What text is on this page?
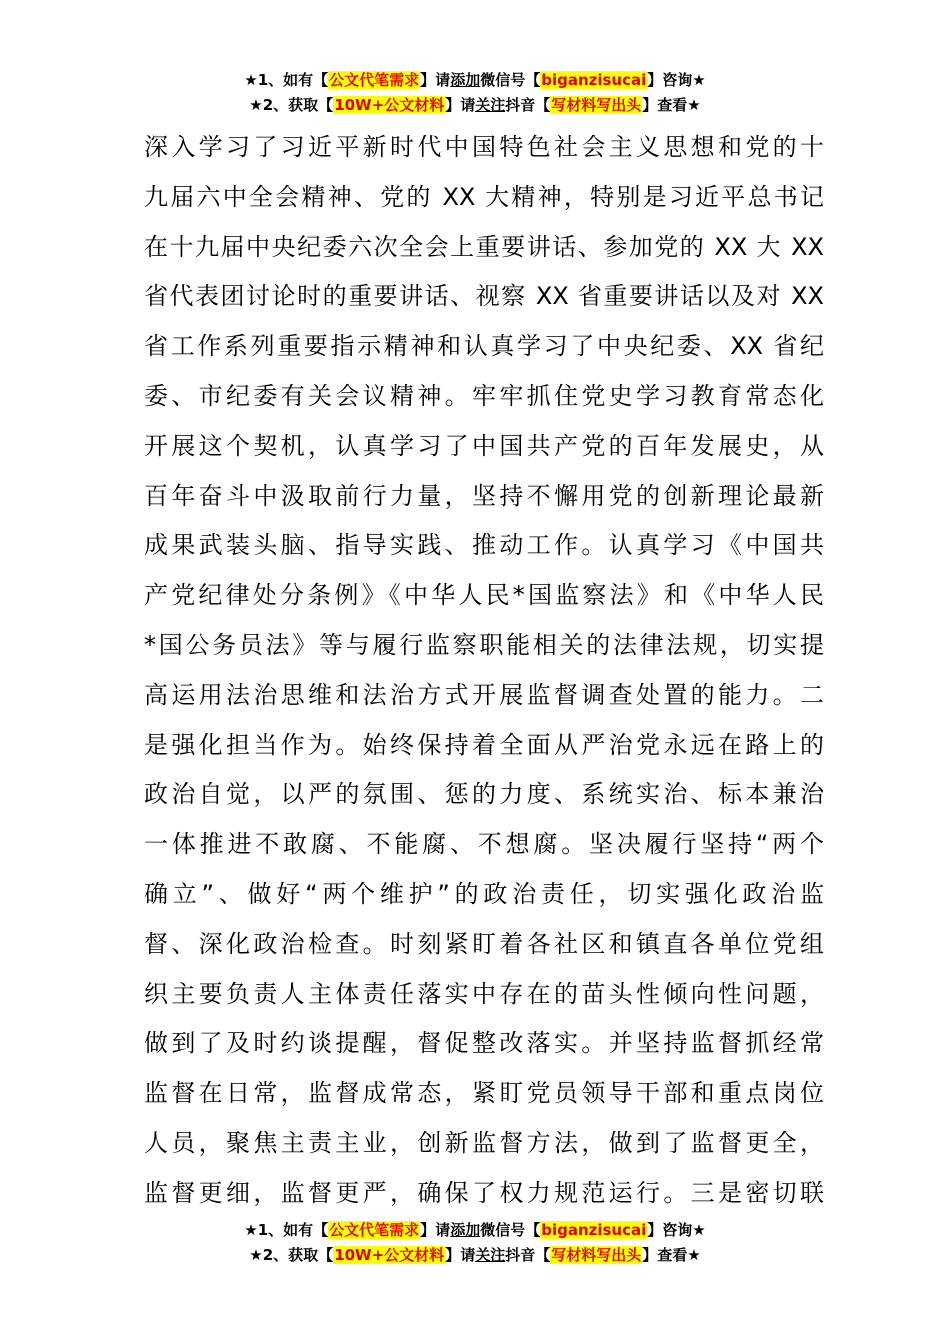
★1、如有【公文代笔需求】请添加微信号【biganzisucai】咨询★
★2、获取【10W+公文材料】请关注抖音【写材料写出头】查看★
深入学习了习近平新时代中国特色社会主义思想和党的十
九届六中全会精神、党的 XX 大精神，特别是习近平总书记
在十九届中央纪委六次全会上重要讲话、参加党的 XX 大 XX
省代表团讨论时的重要讲话、视察 XX 省重要讲话以及对 XX
省工作系列重要指示精神和认真学习了中央纪委、XX 省纪
委、市纪委有关会议精神。牢牢抓住党史学习教育常态化
开展这个契机，认真学习了中国共产党的百年发展史，从
百年奋斗中汲取前行力量，坚持不懈用党的创新理论最新
成果武装头脑、指导实践、推动工作。认真学习《中国共
产党纪律处分条例》《中华人民*国监察法》和《中华人民
*国公务员法》等与履行监察职能相关的法律法规，切实提
高运用法治思维和法治方式开展监督调查处置的能力。二
是强化担当作为。始终保持着全面从严治党永远在路上的
政治自觉，以严的氛围、惩的力度、系统实治、标本兼治
一体推进不敢腐、不能腐、不想腐。坚决履行坚持“两个
确立”、做好“两个维护”的政治责任，切实强化政治监
督、深化政治检查。时刻紧盯着各社区和镇直各单位党组
织主要负责人主体责任落实中存在的苗头性倾向性问题，
做到了及时约谈提醒，督促整改落实。并坚持监督抓经常
监督在日常，监督成常态，紧盯党员领导干部和重点岗位
人员，聚焦主责主业，创新监督方法，做到了监督更全，
监督更细，监督更严，确保了权力规范运行。三是密切联
★1、如有【公文代笔需求】请添加微信号【biganzisucai】咨询★
★2、获取【10W+公文材料】请关注抖音【写材料写出头】查看★
